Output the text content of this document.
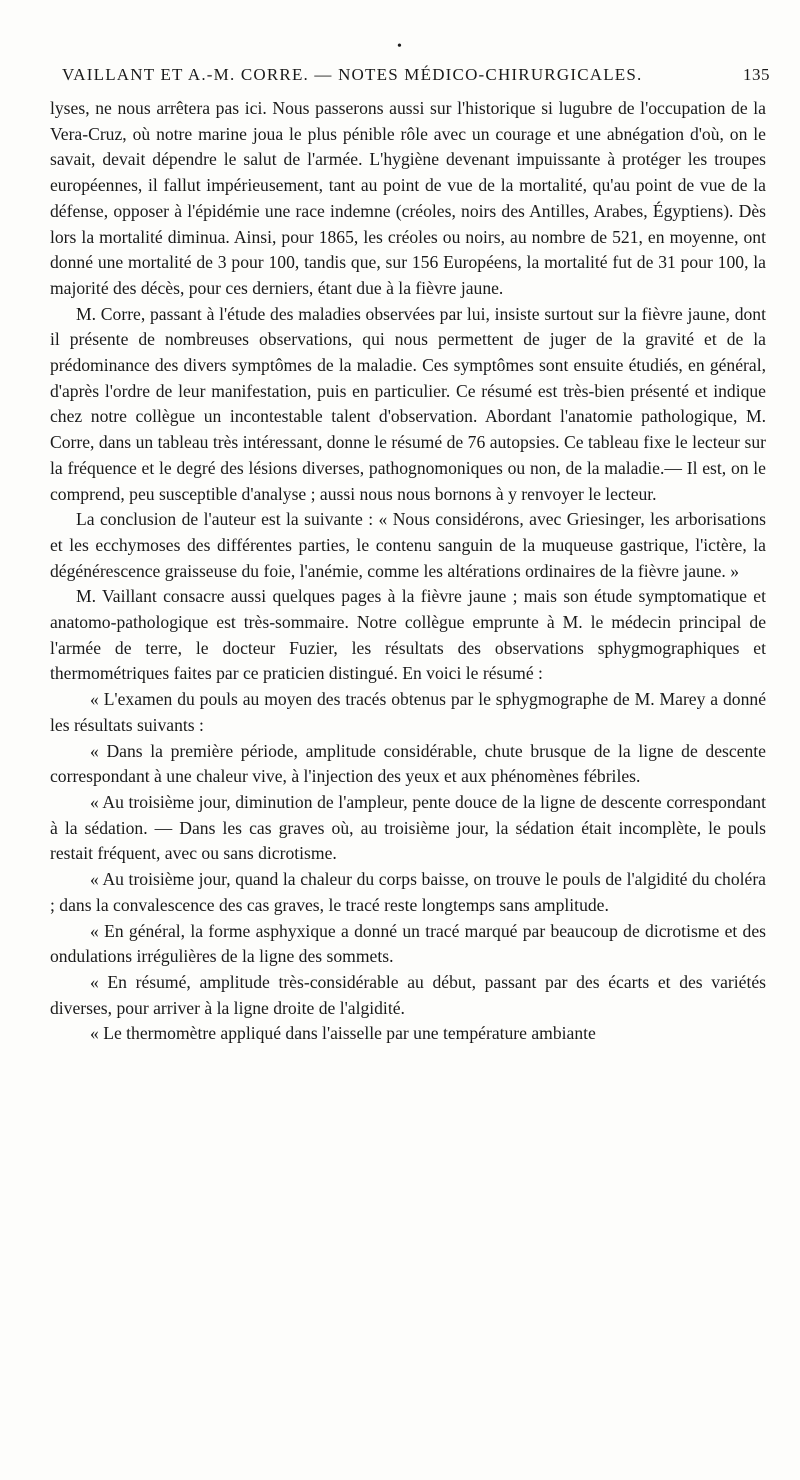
•
VAILLANT ET A.-M. CORRE. — NOTES MÉDICO-CHIRURGICALES.	135

lyses, ne nous arrêtera pas ici. Nous passerons aussi sur l'historique si lugubre de l'occupation de la Vera-Cruz, où notre marine joua le plus pénible rôle avec un courage et une abnégation d'où, on le savait, devait dépendre le salut de l'armée. L'hygiène devenant impuissante à protéger les troupes européennes, il fallut impérieusement, tant au point de vue de la mortalité, qu'au point de vue de la défense, opposer à l'épidémie une race indemne (créoles, noirs des Antilles, Arabes, Égyptiens). Dès lors la mortalité diminua. Ainsi, pour 1865, les créoles ou noirs, au nombre de 521, en moyenne, ont donné une mortalité de 3 pour 100, tandis que, sur 156 Européens, la mortalité fut de 31 pour 100, la majorité des décès, pour ces derniers, étant due à la fièvre jaune.

M. Corre, passant à l'étude des maladies observées par lui, insiste surtout sur la fièvre jaune, dont il présente de nombreuses observations, qui nous permettent de juger de la gravité et de la prédominance des divers symptômes de la maladie. Ces symptômes sont ensuite étudiés, en général, d'après l'ordre de leur manifestation, puis en particulier. Ce résumé est très-bien présenté et indique chez notre collègue un incontestable talent d'observation. Abordant l'anatomie pathologique, M. Corre, dans un tableau très intéressant, donne le résumé de 76 autopsies. Ce tableau fixe le lecteur sur la fréquence et le degré des lésions diverses, pathognomoniques ou non, de la maladie.— Il est, on le comprend, peu susceptible d'analyse ; aussi nous nous bornons à y renvoyer le lecteur.

La conclusion de l'auteur est la suivante : « Nous considérons, avec Griesinger, les arborisations et les ecchymoses des différentes parties, le contenu sanguin de la muqueuse gastrique, l'ictère, la dégénérescence graisseuse du foie, l'anémie, comme les altérations ordinaires de la fièvre jaune. »

M. Vaillant consacre aussi quelques pages à la fièvre jaune ; mais son étude symptomatique et anatomo-pathologique est très-sommaire. Notre collègue emprunte à M. le médecin principal de l'armée de terre, le docteur Fuzier, les résultats des observations sphygmographiques et thermométriques faites par ce praticien distingué. En voici le résumé :

« L'examen du pouls au moyen des tracés obtenus par le sphygmographe de M. Marey a donné les résultats suivants :

« Dans la première période, amplitude considérable, chute brusque de la ligne de descente correspondant à une chaleur vive, à l'injection des yeux et aux phénomènes fébriles.

« Au troisième jour, diminution de l'ampleur, pente douce de la ligne de descente correspondant à la sédation. — Dans les cas graves où, au troisième jour, la sédation était incomplète, le pouls restait fréquent, avec ou sans dicrotisme.

« Au troisième jour, quand la chaleur du corps baisse, on trouve le pouls de l'algidité du choléra ; dans la convalescence des cas graves, le tracé reste longtemps sans amplitude.

« En général, la forme asphyxique a donné un tracé marqué par beaucoup de dicrotisme et des ondulations irrégulières de la ligne des sommets.

« En résumé, amplitude très-considérable au début, passant par des écarts et des variétés diverses, pour arriver à la ligne droite de l'algidité.

« Le thermomètre appliqué dans l'aisselle par une température ambiante
